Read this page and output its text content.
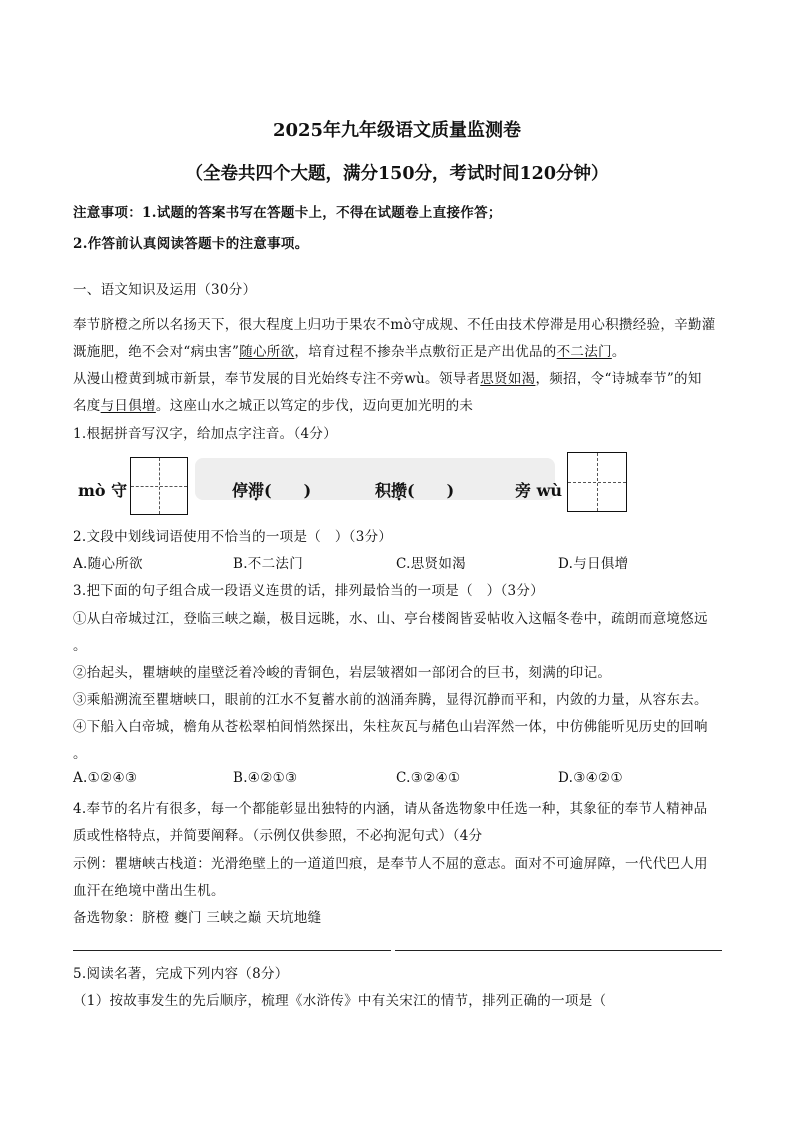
2025年九年级语文质量监测卷
（全卷共四个大题，满分150分，考试时间120分钟）
注意事项：1.试题的答案书写在答题卡上，不得在试题卷上直接作答；
2.作答前认真阅读答题卡的注意事项。
一、语文知识及运用（30分）
奉节脐橙之所以名扬天下，很大程度上归功于果农不mò守成规、不任由技术停滞是用心积攒经验，辛勤灌
溉施肥，绝不会对“病虫害”随心所欲，培育过程不掺杂半点敷衍正是产出优品的不二法门。
从漫山橙黄到城市新景，奉节发展的目光始终专注不旁wù。领导者思贤如渴，频招，令“诗城奉节”的知
名度与日俱增。这座山水之城正以笃定的步伐，迈向更加光明的未
1.根据拼音写汉字，给加点字注音。（4分）
mò 守	停滞(　　)	积攒(　　)	旁 wù
2.文段中划线词语使用不恰当的一项是（　）（3分）
A.随心所欲	B.不二法门	C.思贤如渴	D.与日俱增
3.把下面的句子组合成一段语义连贯的话，排列最恰当的一项是（　）（3分）
①从白帝城过江，登临三峡之巅，极目远眺，水、山、亭台楼阁皆妥帖收入这幅冬卷中，疏朗而意境悠远
。
②抬起头，瞿塘峡的崖壁泛着冷峻的青铜色，岩层皱褶如一部闭合的巨书，刻满的印记。
③乘船溯流至瞿塘峡口，眼前的江水不复蓄水前的汹涌奔腾，显得沉静而平和，内敛的力量，从容东去。
④下船入白帝城，檐角从苍松翠柏间悄然探出，朱柱灰瓦与赭色山岩浑然一体，中仿佛能听见历史的回响
。
A.①②④③	B.④②①③	C.③②④①	D.③④②①
4.奉节的名片有很多，每一个都能彰显出独特的内涵，请从备选物象中任选一种，其象征的奉节人精神品
质或性格特点，并简要阐释。（示例仅供参照，不必拘泥句式）（4分
示例：瞿塘峡古栈道：光滑绝壁上的一道道凹痕，是奉节人不屈的意志。面对不可逾屏障，一代代巴人用
血汗在绝境中凿出生机。
备选物象：脐橙 夔门 三峡之巅 天坑地缝
5.阅读名著，完成下列内容（8分）
（1）按故事发生的先后顺序，梳理《水浒传》中有关宋江的情节，排列正确的一项是（
